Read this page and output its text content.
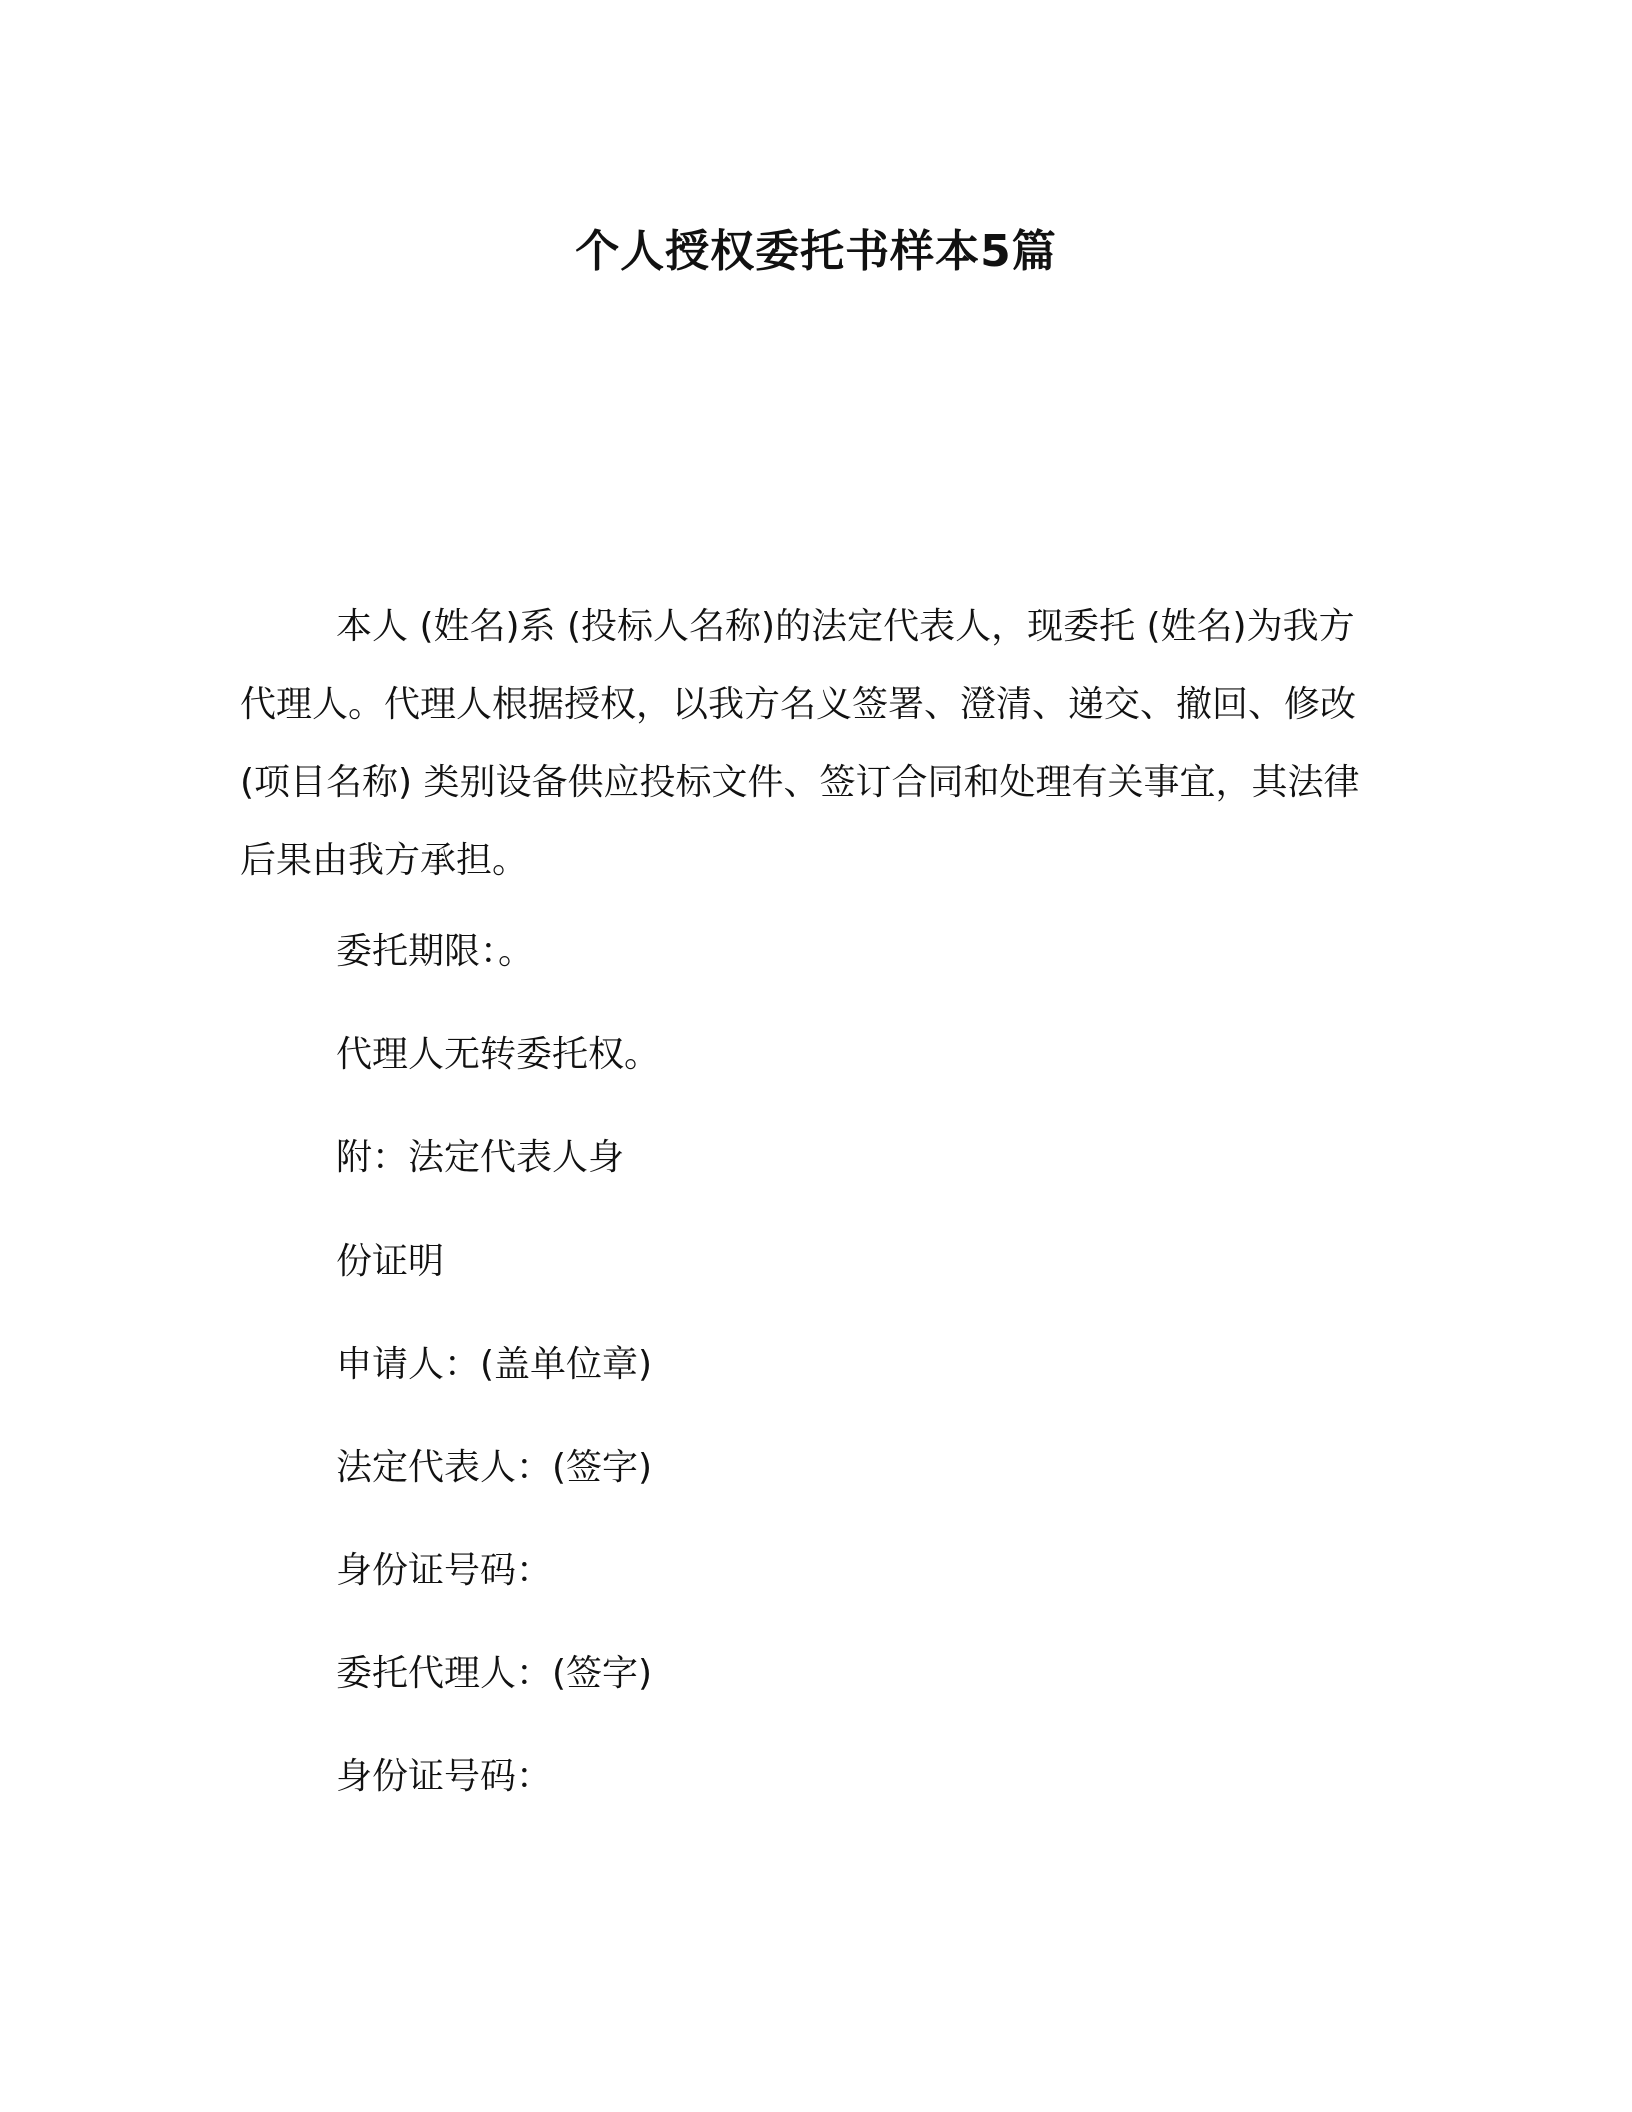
个人授权委托书样本5篇

本人 (姓名)系 (投标人名称)的法定代表人，现委托 (姓名)为我方代理人。代理人根据授权，以我方名义签署、澄清、递交、撤回、修改 (项目名称) 类别设备供应投标文件、签订合同和处理有关事宜，其法律后果由我方承担。

委托期限：。

代理人无转委托权。

附：法定代表人身

份证明

申请人：(盖单位章)

法定代表人：(签字)

身份证号码：

委托代理人：(签字)

身份证号码：
